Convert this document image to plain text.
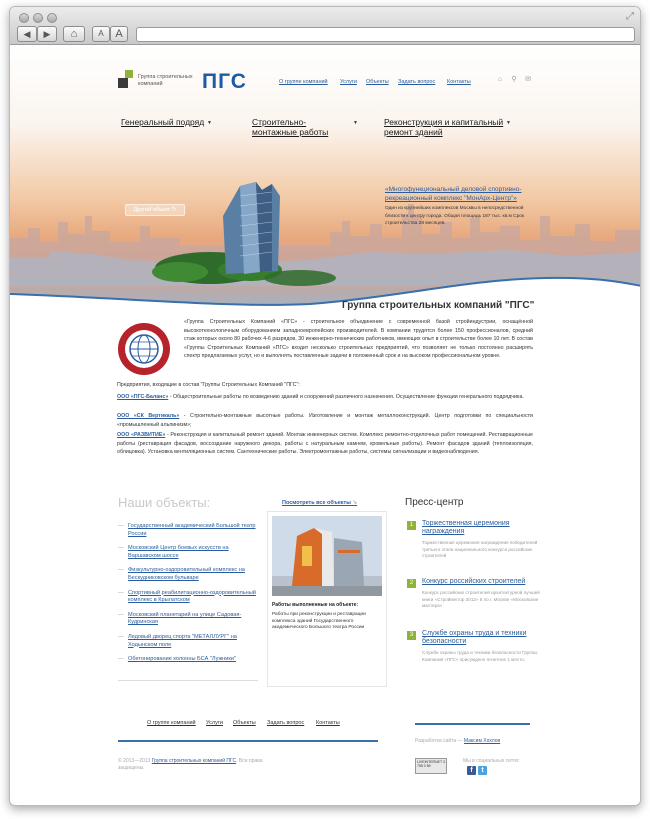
⤢
◀	▶	⌂	A	A
Группа строительных компаний	ПГС	О группе компаний Услуги Объекты Задать вопрос Контакты	⌂ ⚲ ✉
Генеральный подряд ▼	Строительно-монтажные работы
▼	Реконструкция и капитальный ремонт зданий
▼
Другой объект ↻
«Многофункциональный деловой спортивно-рекреационный комплекс "МонАрх-Центр"»
Один из крупнейших комплексов Москвы в непосредственной близости к центру города. Общая площадь 187 тыс. кв.м Срок строительства 28 месяцев.
Группа строительных компаний "ПГС"
«Группа Строительных Компаний «ПГС» - строительное объединение с современной базой стройиндустрии, оснащённой высокотехнологичным оборудованием западноевропейских производителей. В компании трудятся более 150 профессионалов, средний стаж которых около 80 рабочих 4-6 разрядов, 30 инженерно-технических работников, имеющих опыт в строительстве более 10 лет. В состав «Группы Строительных Компаний «ПГС» входит несколько строительных предприятий, что позволяет не только постоянно расширять спектр предлагаемых услуг, но и выполнять поставленные задачи в положенный срок и на высоком профессиональном уровне.
Предприятия, входящие в состав "Группы Строительных Компаний "ПГС":
ООО «ПГС-Баланс» - Общестроительные работы по возведению зданий и сооружений различного назначения. Осуществление функции генерального подрядчика.
ООО «СК Вертикаль» - Строительно-монтажные высотные работы. Изготовление и монтаж металлоконструкций. Центр подготовки по специальности «промышленный альпинизм»;
ООО «РАЗВИТИЕ» - Реконструкция и капитальный ремонт зданий. Монтаж инженерных систем. Комплекс ремонтно-отделочных работ помещений. Реставрационные работы (реставрация фасадов, воссоздание наружного декора, работы с натуральным камнем, кровельные работы). Ремонт фасадов зданий (теплоизоляция, облицовка). Установка вентиляционных систем. Сантехнические работы. Электромонтажные работы, системы сигнализации и видеонаблюдения.
Наши объекты:	Посмотреть все объекты ↘
— Государственный академический Большой театр России
— Московский Центр боевых искусств на Варшавском шоссе
— Физкультурно-оздоровительный комплекс на Бескудниковском бульваре
— Спортивный реабилитационно-оздоровительный комплекс в Крылатском
— Московский планетарий на улице Садовая-Кудринская
— Ледовый дворец спорта "МЕТАЛЛУРГ" на Ходынском поле
— Обетонирование колонны БСА "Лужники"
Работы выполненные на объекте:
Работы при реконструкции и реставрации комплекса зданий Государственного академического Большого театра России
Пресс-центр
1	Торжественная церемония награждения
Торжественная церемония награждения победителей третьего этапа национального конкурса российских строителей
2	Конкурс российских строителей
Конкурс российских строителей архитектурной лучшей книги «Стройвектор 2012» 5 по г. Москве «Московские мастера»
3	Службе охраны труда и техники безопасности
Службе охраны труда и техники безопасности Группы Компаний «ПГС» присуждено почетное 1 место.
О группе компаний Услуги Объекты Задать вопрос Контакты
© 2013—2013 Группа строительных компаний ПГС. Все права защищены.
Разработка сайта — Максим Хохлов
LIVEINTERNET 3 755 0 89
Мы в социальных сетях:
f	t
